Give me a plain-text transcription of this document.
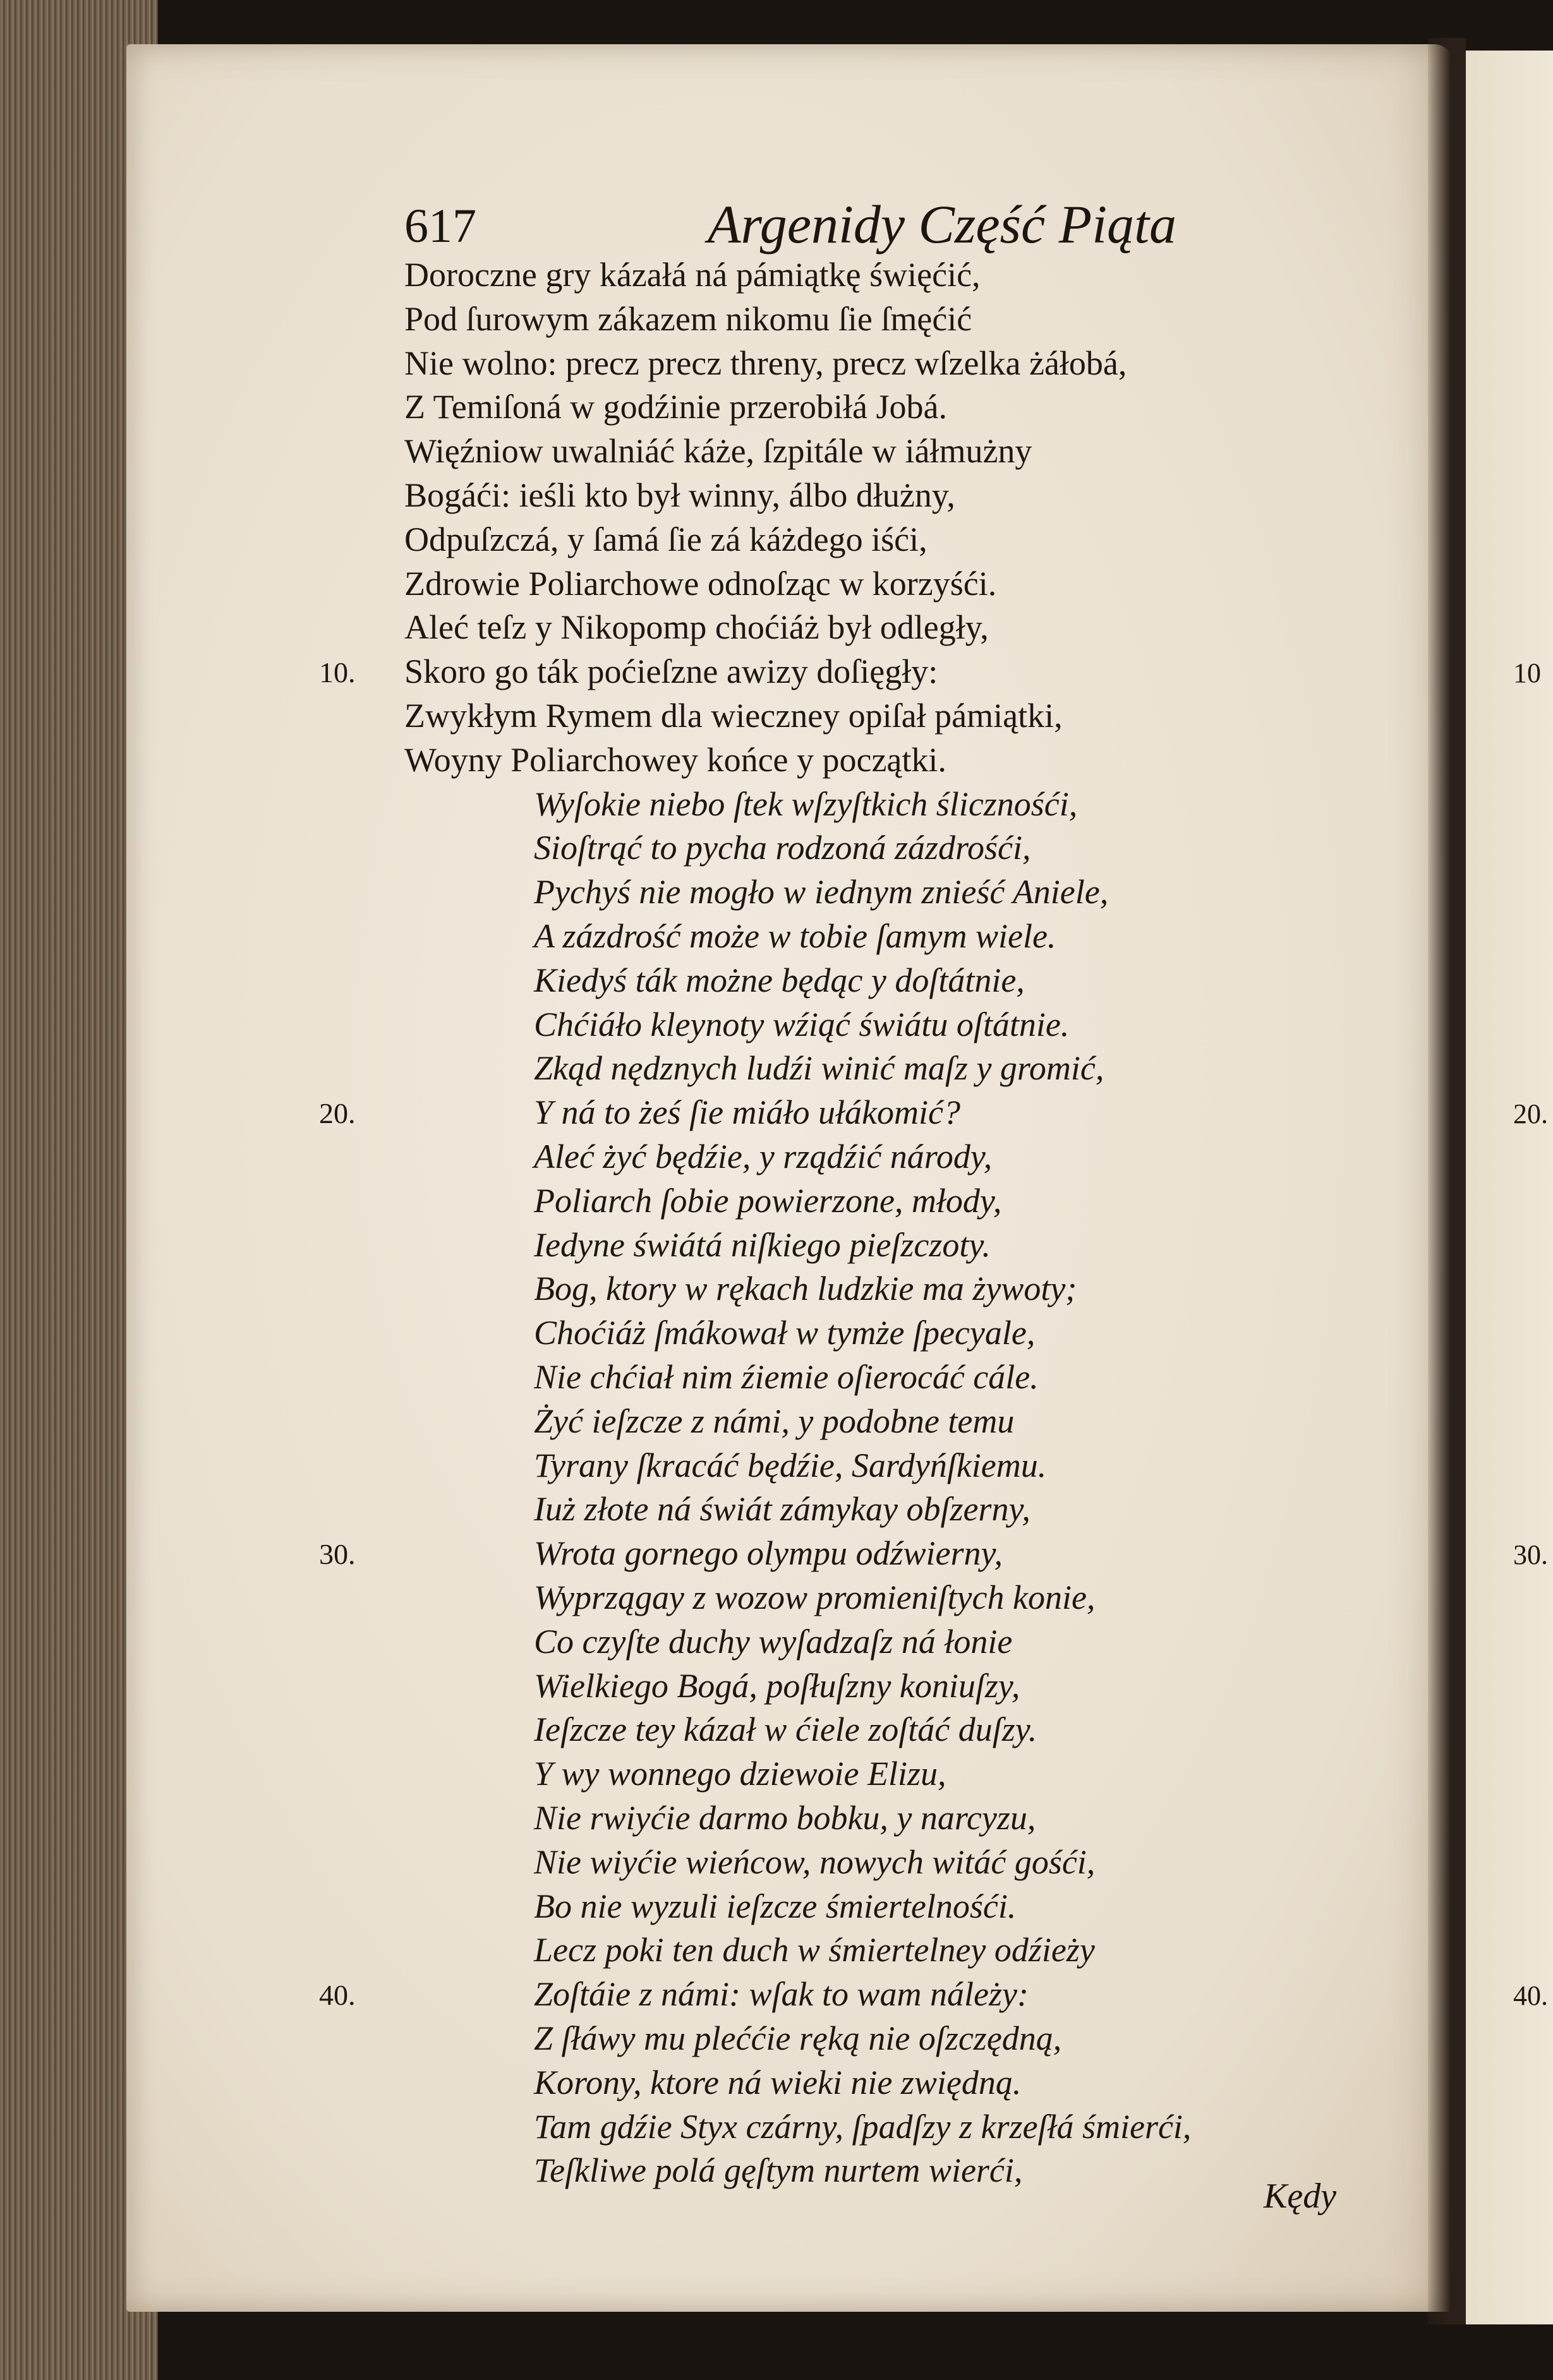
617	Argenidy Część Piąta
Doroczne gry kázałá ná pámiątkę święćić,
Pod ſurowym zákazem nikomu ſie ſmęćić
Nie wolno: precz precz threny, precz wſzelka żáłobá,
Z Temiſoná w godźinie przerobiłá Jobá.
Więźniow uwalniáć káże, ſzpitále w iáłmużny
Bogáći: ieśli kto był winny, álbo dłużny,
Odpuſzczá, y ſamá ſie zá káżdego iśći,
Zdrowie Poliarchowe odnoſząc w korzyśći.
Aleć teſz y Nikopomp choćiáż był odległy,
Skoro go ták poćieſzne awizy doſięgły:
Zwykłym Rymem dla wieczney opiſał pámiątki,
Woyny Poliarchowey końce y początki.
Wyſokie niebo ſtek wſzyſtkich ślicznośći,
Sioſtrąć to pycha rodzoná zázdrośći,
Pychyś nie mogło w iednym znieść Aniele,
A zázdrość może w tobie ſamym wiele.
Kiedyś ták możne będąc y doſtátnie,
Chćiáło kleynoty wźiąć świátu oſtátnie.
Zkąd nędznych ludźi winić maſz y gromić,
Y ná to żeś ſie miáło ułákomić?
Aleć żyć będźie, y rządźić národy,
Poliarch ſobie powierzone, młody,
Iedyne świátá niſkiego pieſzczoty.
Bog, ktory w rękach ludzkie ma żywoty;
Choćiáż ſmákował w tymże ſpecyale,
Nie chćiał nim źiemie oſierocáć cále.
Żyć ieſzcze z námi, y podobne temu
Tyrany ſkracáć będźie, Sardyńſkiemu.
Iuż złote ná świát zámykay obſzerny,
Wrota gornego olympu odźwierny,
Wyprzągay z wozow promieniſtych konie,
Co czyſte duchy wyſadzaſz ná łonie
Wielkiego Bogá, poſłuſzny koniuſzy,
Ieſzcze tey kázał w ćiele zoſtáć duſzy.
Y wy wonnego dziewoie Elizu,
Nie rwiyćie darmo bobku, y narcyzu,
Nie wiyćie wieńcow, nowych witáć gośći,
Bo nie wyzuli ieſzcze śmiertelnośći.
Lecz poki ten duch w śmiertelney odźieży
Zoſtáie z námi: wſak to wam náleży:
Z ſłáwy mu pleććie ręką nie oſzczędną,
Korony, ktore ná wieki nie zwiędną.
Tam gdźie Styx czárny, ſpadſzy z krzeſłá śmierći,
Teſkliwe polá gęſtym nurtem wierći,
10.
20.
30.
40.
10
20.
30.
40.
Kędy
